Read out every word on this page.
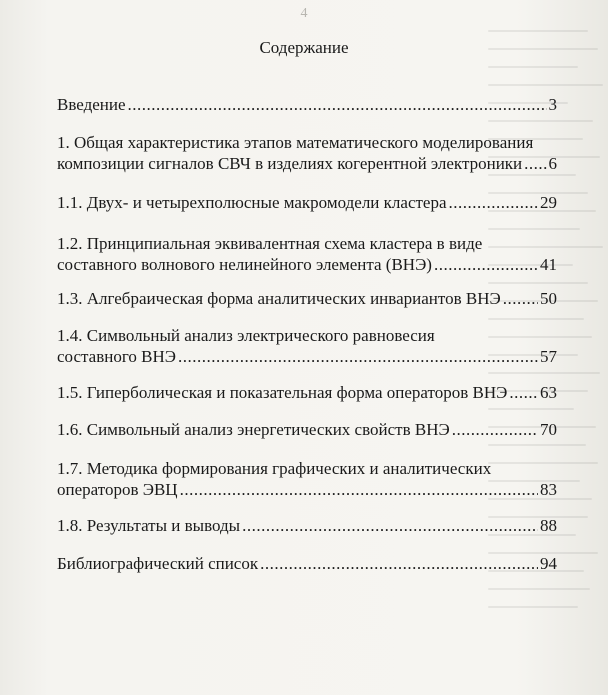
4
Содержание
Введение .....	3
1. Общая характеристика этапов математического моделирования
композиции сигналов СВЧ в изделиях когерентной электроники ..... 6
1.1. Двух- и четырехполюсные макромодели кластера .....	29
1.2. Принципиальная эквивалентная схема кластера в виде
составного волнового нелинейного элемента (ВНЭ) .....	41
1.3. Алгебраическая форма аналитических инвариантов ВНЭ ..... 50
1.4. Символьный анализ электрического равновесия
составного ВНЭ .....	57
1.5. Гиперболическая и показательная форма операторов ВНЭ ..... 63
1.6. Символьный анализ энергетических свойств ВНЭ .....	70
1.7. Методика формирования графических и аналитических
операторов ЭВЦ .....	83
1.8. Результаты и выводы .....	88
Библиографический список .....	94
